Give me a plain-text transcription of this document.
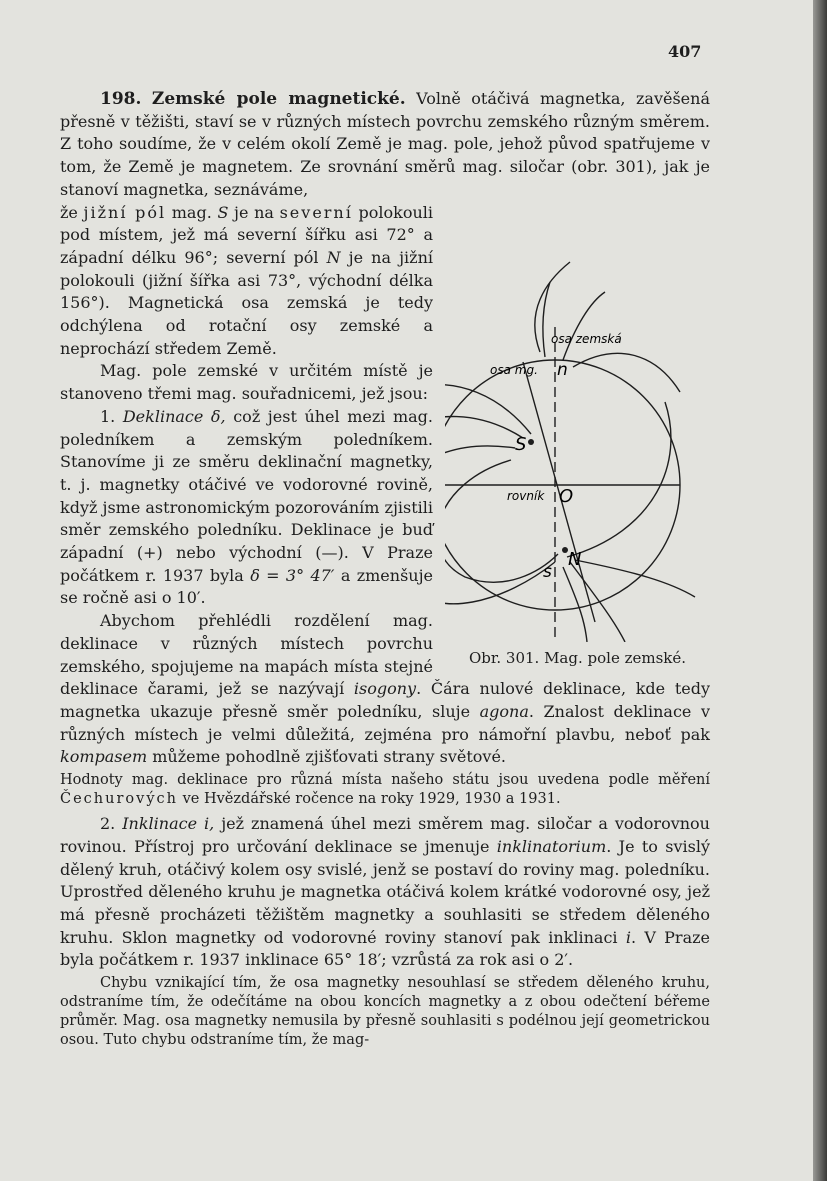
407

198. Zemské pole magnetické. Volně otáčivá magnetka, zavěšená přesně v těžišti, staví se v různých místech povrchu zemského různým směrem. Z toho soudíme, že v celém okolí Země je mag. pole, jehož původ spatřujeme v tom, že Země je magnetem. Ze srovnání směrů mag. siločar (obr. 301), jak je stanoví magnetka, seznáváme,

osa zemská
osa mg.
rovník O
S
N
n
s
Obr. 301. Mag. pole zemské.

že jižní pól mag. S je na severní polokouli pod místem, jež má severní šířku asi 72° a západní délku 96°; severní pól N je na jižní polokouli (jižní šířka asi 73°, východní délka 156°). Magnetická osa zemská je tedy odchýlena od rotační osy zemské a neprochází středem Země.

Mag. pole zemské v určitém místě je stanoveno třemi mag. souřadnicemi, jež jsou:

1. Deklinace δ, což jest úhel mezi mag. poledníkem a zemským poledníkem. Stanovíme ji ze směru deklinační magnetky, t. j. magnetky otáčivé ve vodorovné rovině, když jsme astronomickým pozorováním zjistili směr zemského poledníku. Deklinace je buď západní (+) nebo východní (—). V Praze počátkem r. 1937 byla δ = 3° 47′ a zmenšuje se ročně asi o 10′.

Abychom přehlédli rozdělení mag. deklinace v různých místech povrchu zemského, spojujeme na mapách místa stejné deklinace čarami, jež se nazývají isogony. Čára nulové deklinace, kde tedy magnetka ukazuje přesně směr poledníku, sluje agona. Znalost deklinace v různých místech je velmi důležitá, zejména pro námořní plavbu, neboť pak kompasem můžeme pohodlně zjišťovati strany světové.

Hodnoty mag. deklinace pro různá místa našeho státu jsou uvedena podle měření Čechurových ve Hvězdářské ročence na roky 1929, 1930 a 1931.

2. Inklinace i, jež znamená úhel mezi směrem mag. siločar a vodorovnou rovinou. Přístroj pro určování deklinace se jmenuje inklinatorium. Je to svislý dělený kruh, otáčivý kolem osy svislé, jenž se postaví do roviny mag. poledníku. Uprostřed děleného kruhu je magnetka otáčivá kolem krátké vodorovné osy, jež má přesně procházeti těžištěm magnetky a souhlasiti se středem děleného kruhu. Sklon magnetky od vodorovné roviny stanoví pak inklinaci i. V Praze byla počátkem r. 1937 inklinace 65° 18′; vzrůstá za rok asi o 2′.

Chybu vznikající tím, že osa magnetky nesouhlasí se středem děleného kruhu, odstraníme tím, že odečítáme na obou koncích magnetky a z obou odečtení béřeme průměr. Mag. osa magnetky nemusila by přesně souhlasiti s podélnou její geometrickou osou. Tuto chybu odstraníme tím, že mag-
